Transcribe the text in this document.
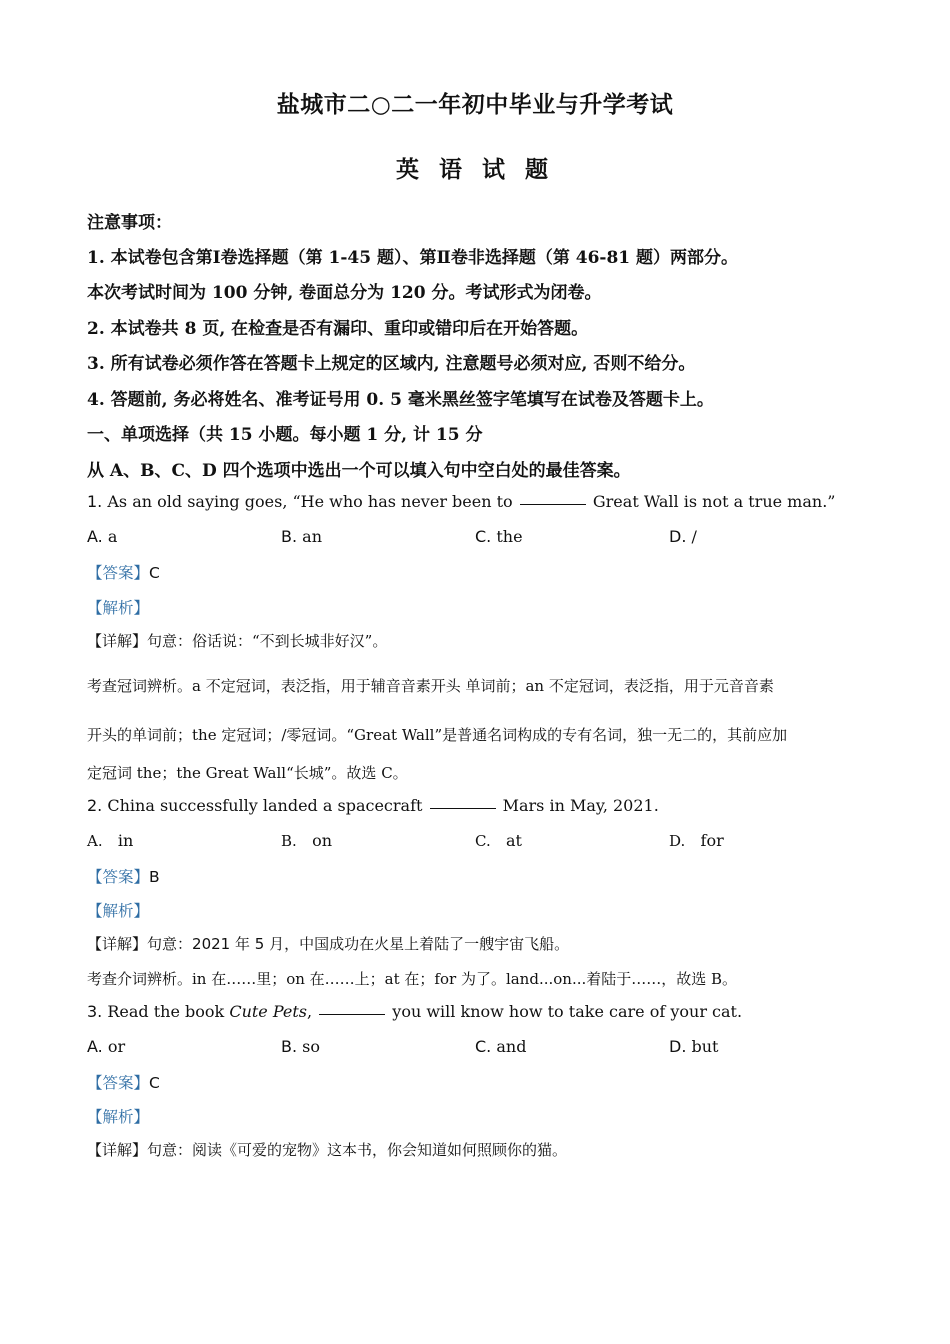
盐城市二○二一年初中毕业与升学考试
英 语 试 题
注意事项：
1. 本试卷包含第Ⅰ卷选择题（第 1-45 题）、第Ⅱ卷非选择题（第 46-81 题）两部分。
本次考试时间为 100 分钟, 卷面总分为 120 分。考试形式为闭卷。
2. 本试卷共 8 页, 在检查是否有漏印、重印或错印后在开始答题。
3. 所有试卷必须作答在答题卡上规定的区域内, 注意题号必须对应, 否则不给分。
4. 答题前, 务必将姓名、准考证号用 0. 5 毫米黑丝签字笔填写在试卷及答题卡上。
一、单项选择（共 15 小题。每小题 1 分, 计 15 分
从 A、B、C、D 四个选项中选出一个可以填入句中空白处的最佳答案。
1. As an old saying goes, “He who has never been to	Great Wall is not a true man.”
A. a	B. an	C. the	D. /
【答案】C
【解析】
【详解】句意：俗话说：“不到长城非好汉”。
考查冠词辨析。a 不定冠词，表泛指，用于辅音音素开头 单词前；an 不定冠词，表泛指，用于元音音素
开头的单词前；the 定冠词；/零冠词。“Great Wall”是普通名词构成的专有名词，独一无二的，其前应加
定冠词 the；the Great Wall“长城”。故选 C。
2. China successfully landed a spacecraft	Mars in May, 2021.
A. in	B. on	C. at	D. for
【答案】B
【解析】
【详解】句意：2021 年 5 月，中国成功在火星上着陆了一艘宇宙飞船。
考查介词辨析。in 在……里；on 在……上；at 在；for 为了。land...on...着陆于……，故选 B。
3. Read the book Cute Pets,	you will know how to take care of your cat.
A. or	B. so	C. and	D. but
【答案】C
【解析】
【详解】句意：阅读《可爱的宠物》这本书，你会知道如何照顾你的猫。
